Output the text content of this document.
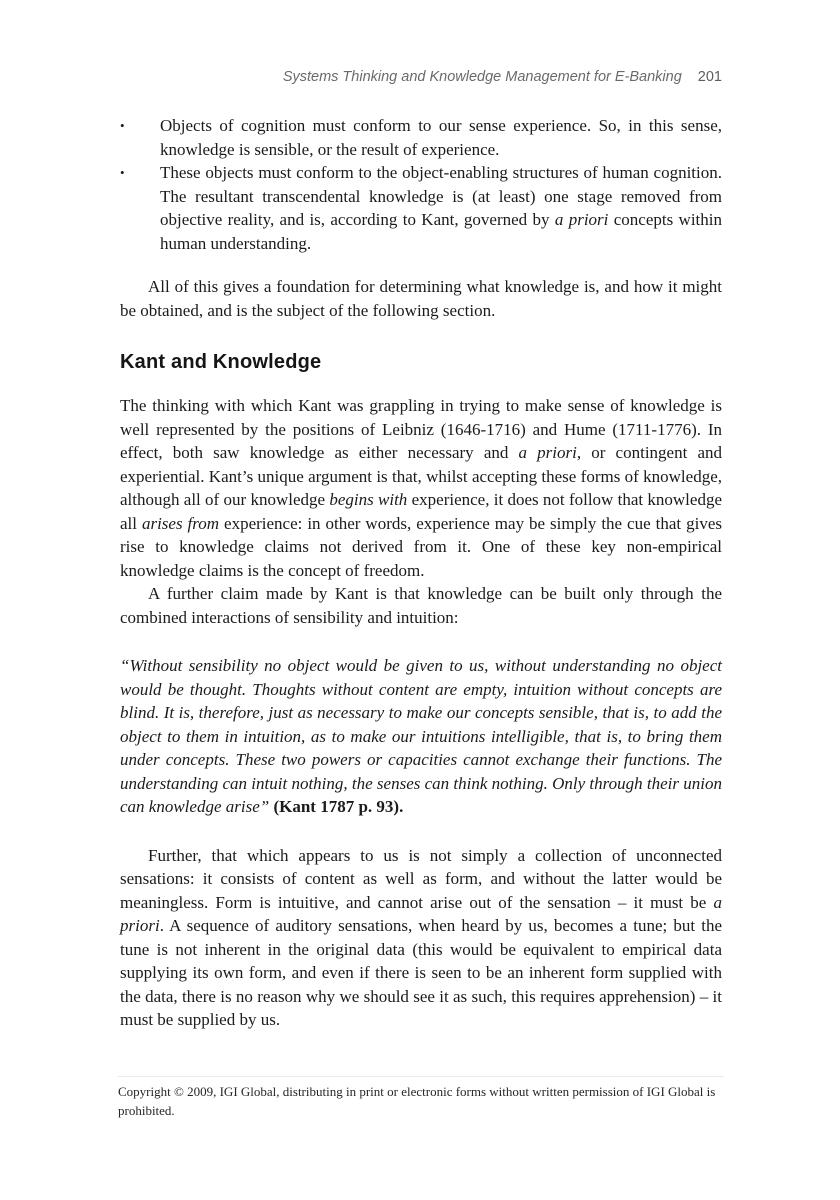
Systems Thinking and Knowledge Management for E-Banking 201
•	Objects of cognition must conform to our sense experience. So, in this sense, knowledge is sensible, or the result of experience.
•	These objects must conform to the object-enabling structures of human cognition. The resultant transcendental knowledge is (at least) one stage removed from objective reality, and is, according to Kant, governed by a priori concepts within human understanding.

All of this gives a foundation for determining what knowledge is, and how it might be obtained, and is the subject of the following section.

Kant and Knowledge

The thinking with which Kant was grappling in trying to make sense of knowledge is well represented by the positions of Leibniz (1646-1716) and Hume (1711-1776). In effect, both saw knowledge as either necessary and a priori, or contingent and experiential. Kant’s unique argument is that, whilst accepting these forms of knowledge, although all of our knowledge begins with experience, it does not follow that knowledge all arises from experience: in other words, experience may be simply the cue that gives rise to knowledge claims not derived from it. One of these key non-empirical knowledge claims is the concept of freedom.

A further claim made by Kant is that knowledge can be built only through the combined interactions of sensibility and intuition:

“Without sensibility no object would be given to us, without understanding no object would be thought. Thoughts without content are empty, intuition without concepts are blind. It is, therefore, just as necessary to make our concepts sensible, that is, to add the object to them in intuition, as to make our intuitions intelligible, that is, to bring them under concepts. These two powers or capacities cannot exchange their functions. The understanding can intuit nothing, the senses can think nothing. Only through their union can knowledge arise” (Kant 1787 p. 93).

Further, that which appears to us is not simply a collection of unconnected sensations: it consists of content as well as form, and without the latter would be meaningless. Form is intuitive, and cannot arise out of the sensation – it must be a priori. A sequence of auditory sensations, when heard by us, becomes a tune; but the tune is not inherent in the original data (this would be equivalent to empirical data supplying its own form, and even if there is seen to be an inherent form supplied with the data, there is no reason why we should see it as such, this requires apprehension) – it must be supplied by us.

Copyright © 2009, IGI Global, distributing in print or electronic forms without written permission of IGI Global is prohibited.
